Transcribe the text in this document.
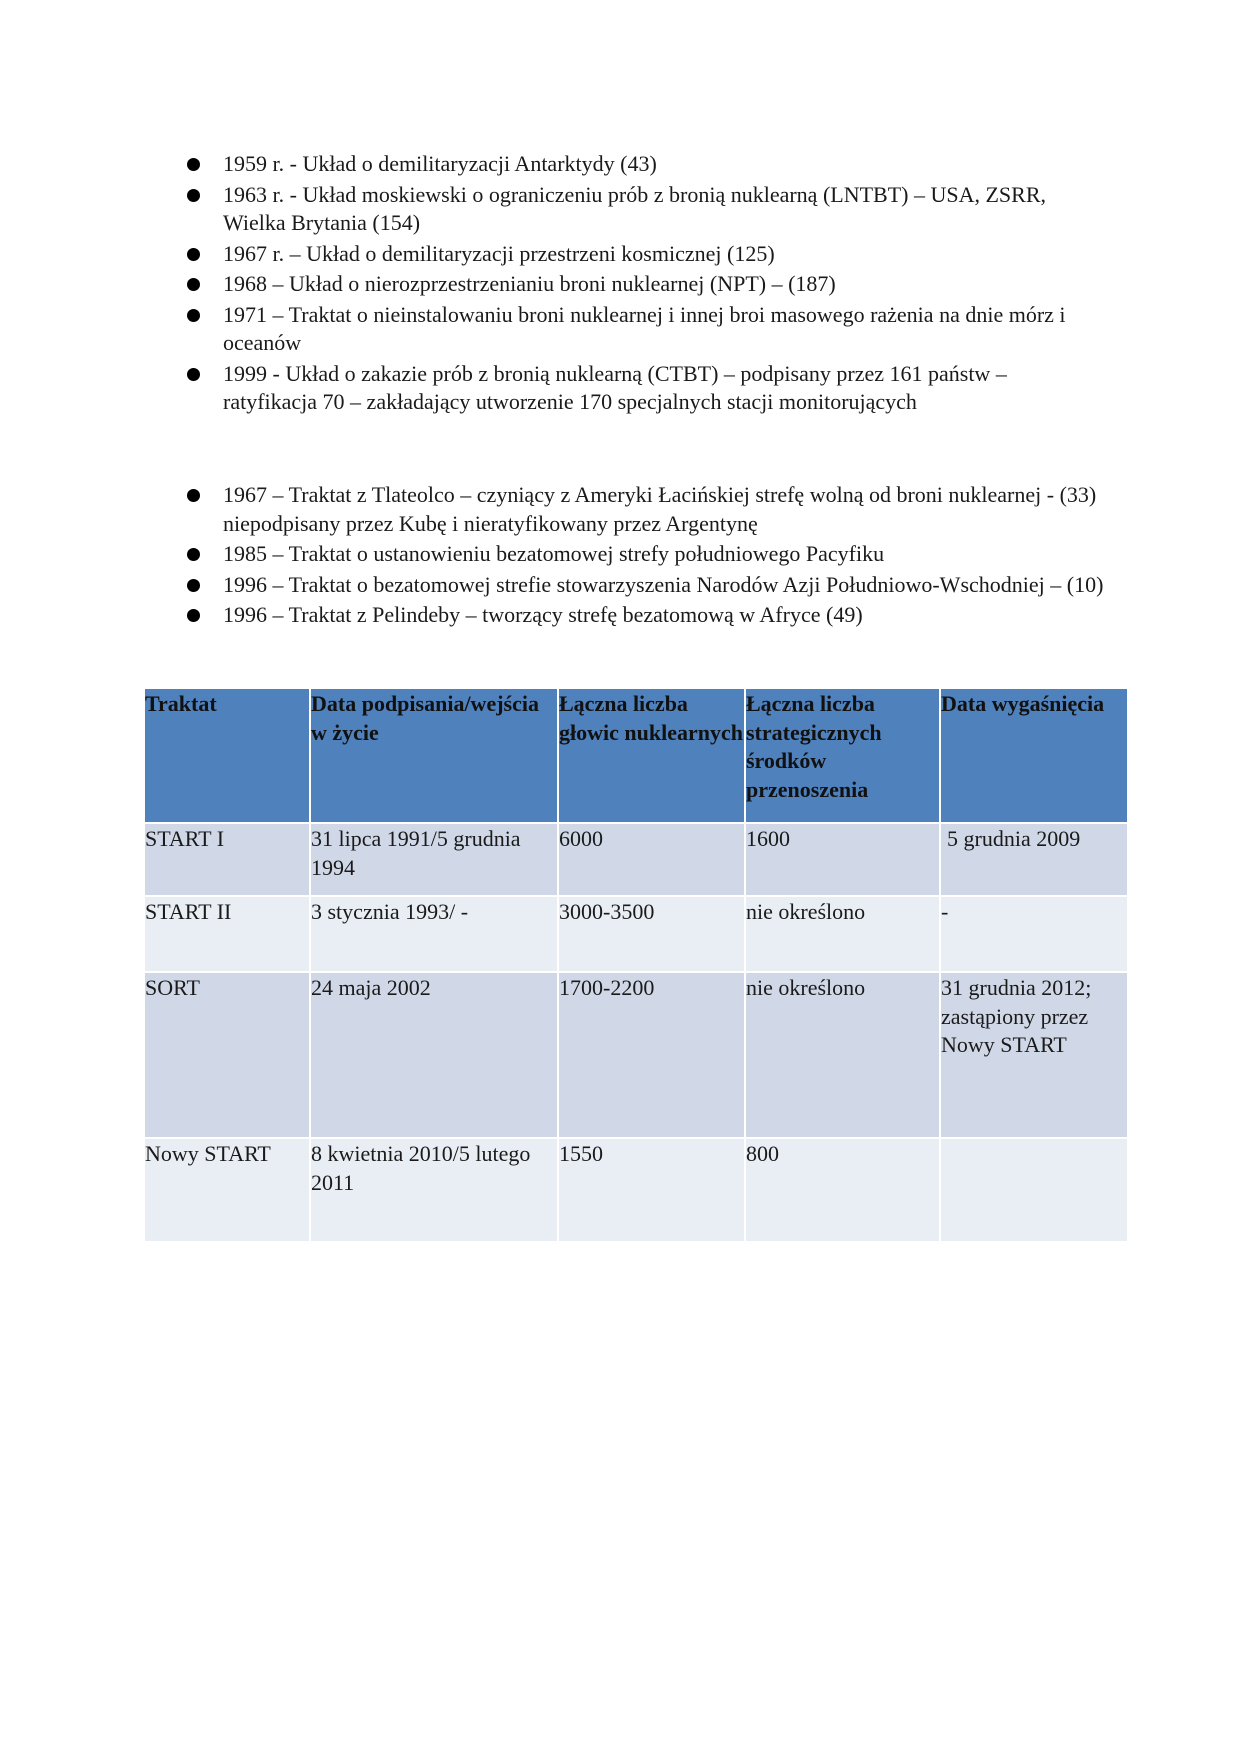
1959 r. - Układ o demilitaryzacji Antarktydy (43)
1963 r. - Układ moskiewski o ograniczeniu prób z bronią nuklearną (LNTBT) – USA, ZSRR, Wielka Brytania (154)
1967 r. – Układ o demilitaryzacji przestrzeni kosmicznej (125)
1968 – Układ o nierozprzestrzenianiu broni nuklearnej (NPT) – (187)
1971 – Traktat o nieinstalowaniu broni nuklearnej i innej broi masowego rażenia na dnie mórz i oceanów
1999 - Układ o zakazie prób z bronią nuklearną (CTBT) – podpisany przez 161 państw – ratyfikacja 70 – zakładający utworzenie 170 specjalnych stacji monitorujących
1967 – Traktat z Tlateolco – czyniący z Ameryki Łacińskiej strefę wolną od broni nuklearnej - (33) niepodpisany przez Kubę i nieratyfikowany przez Argentynę
1985 – Traktat o ustanowieniu bezatomowej strefy południowego Pacyfiku
1996 – Traktat o bezatomowej strefie stowarzyszenia Narodów Azji Południowo-Wschodniej – (10)
1996 – Traktat z Pelindeby – tworzący strefę bezatomową w Afryce (49)
Traktat	Data podpisania/wejścia w życie	Łączna liczba głowic nuklearnych	Łączna liczba strategicznych środków przenoszenia	Data wygaśnięcia
START I	31 lipca 1991/5 grudnia 1994	6000	1600	5 grudnia 2009
START II	3 stycznia 1993/ -	3000-3500	nie określono	-
SORT	24 maja 2002	1700-2200	nie określono	31 grudnia 2012; zastąpiony przez Nowy START
Nowy START	8 kwietnia 2010/5 lutego 2011	1550	800	
